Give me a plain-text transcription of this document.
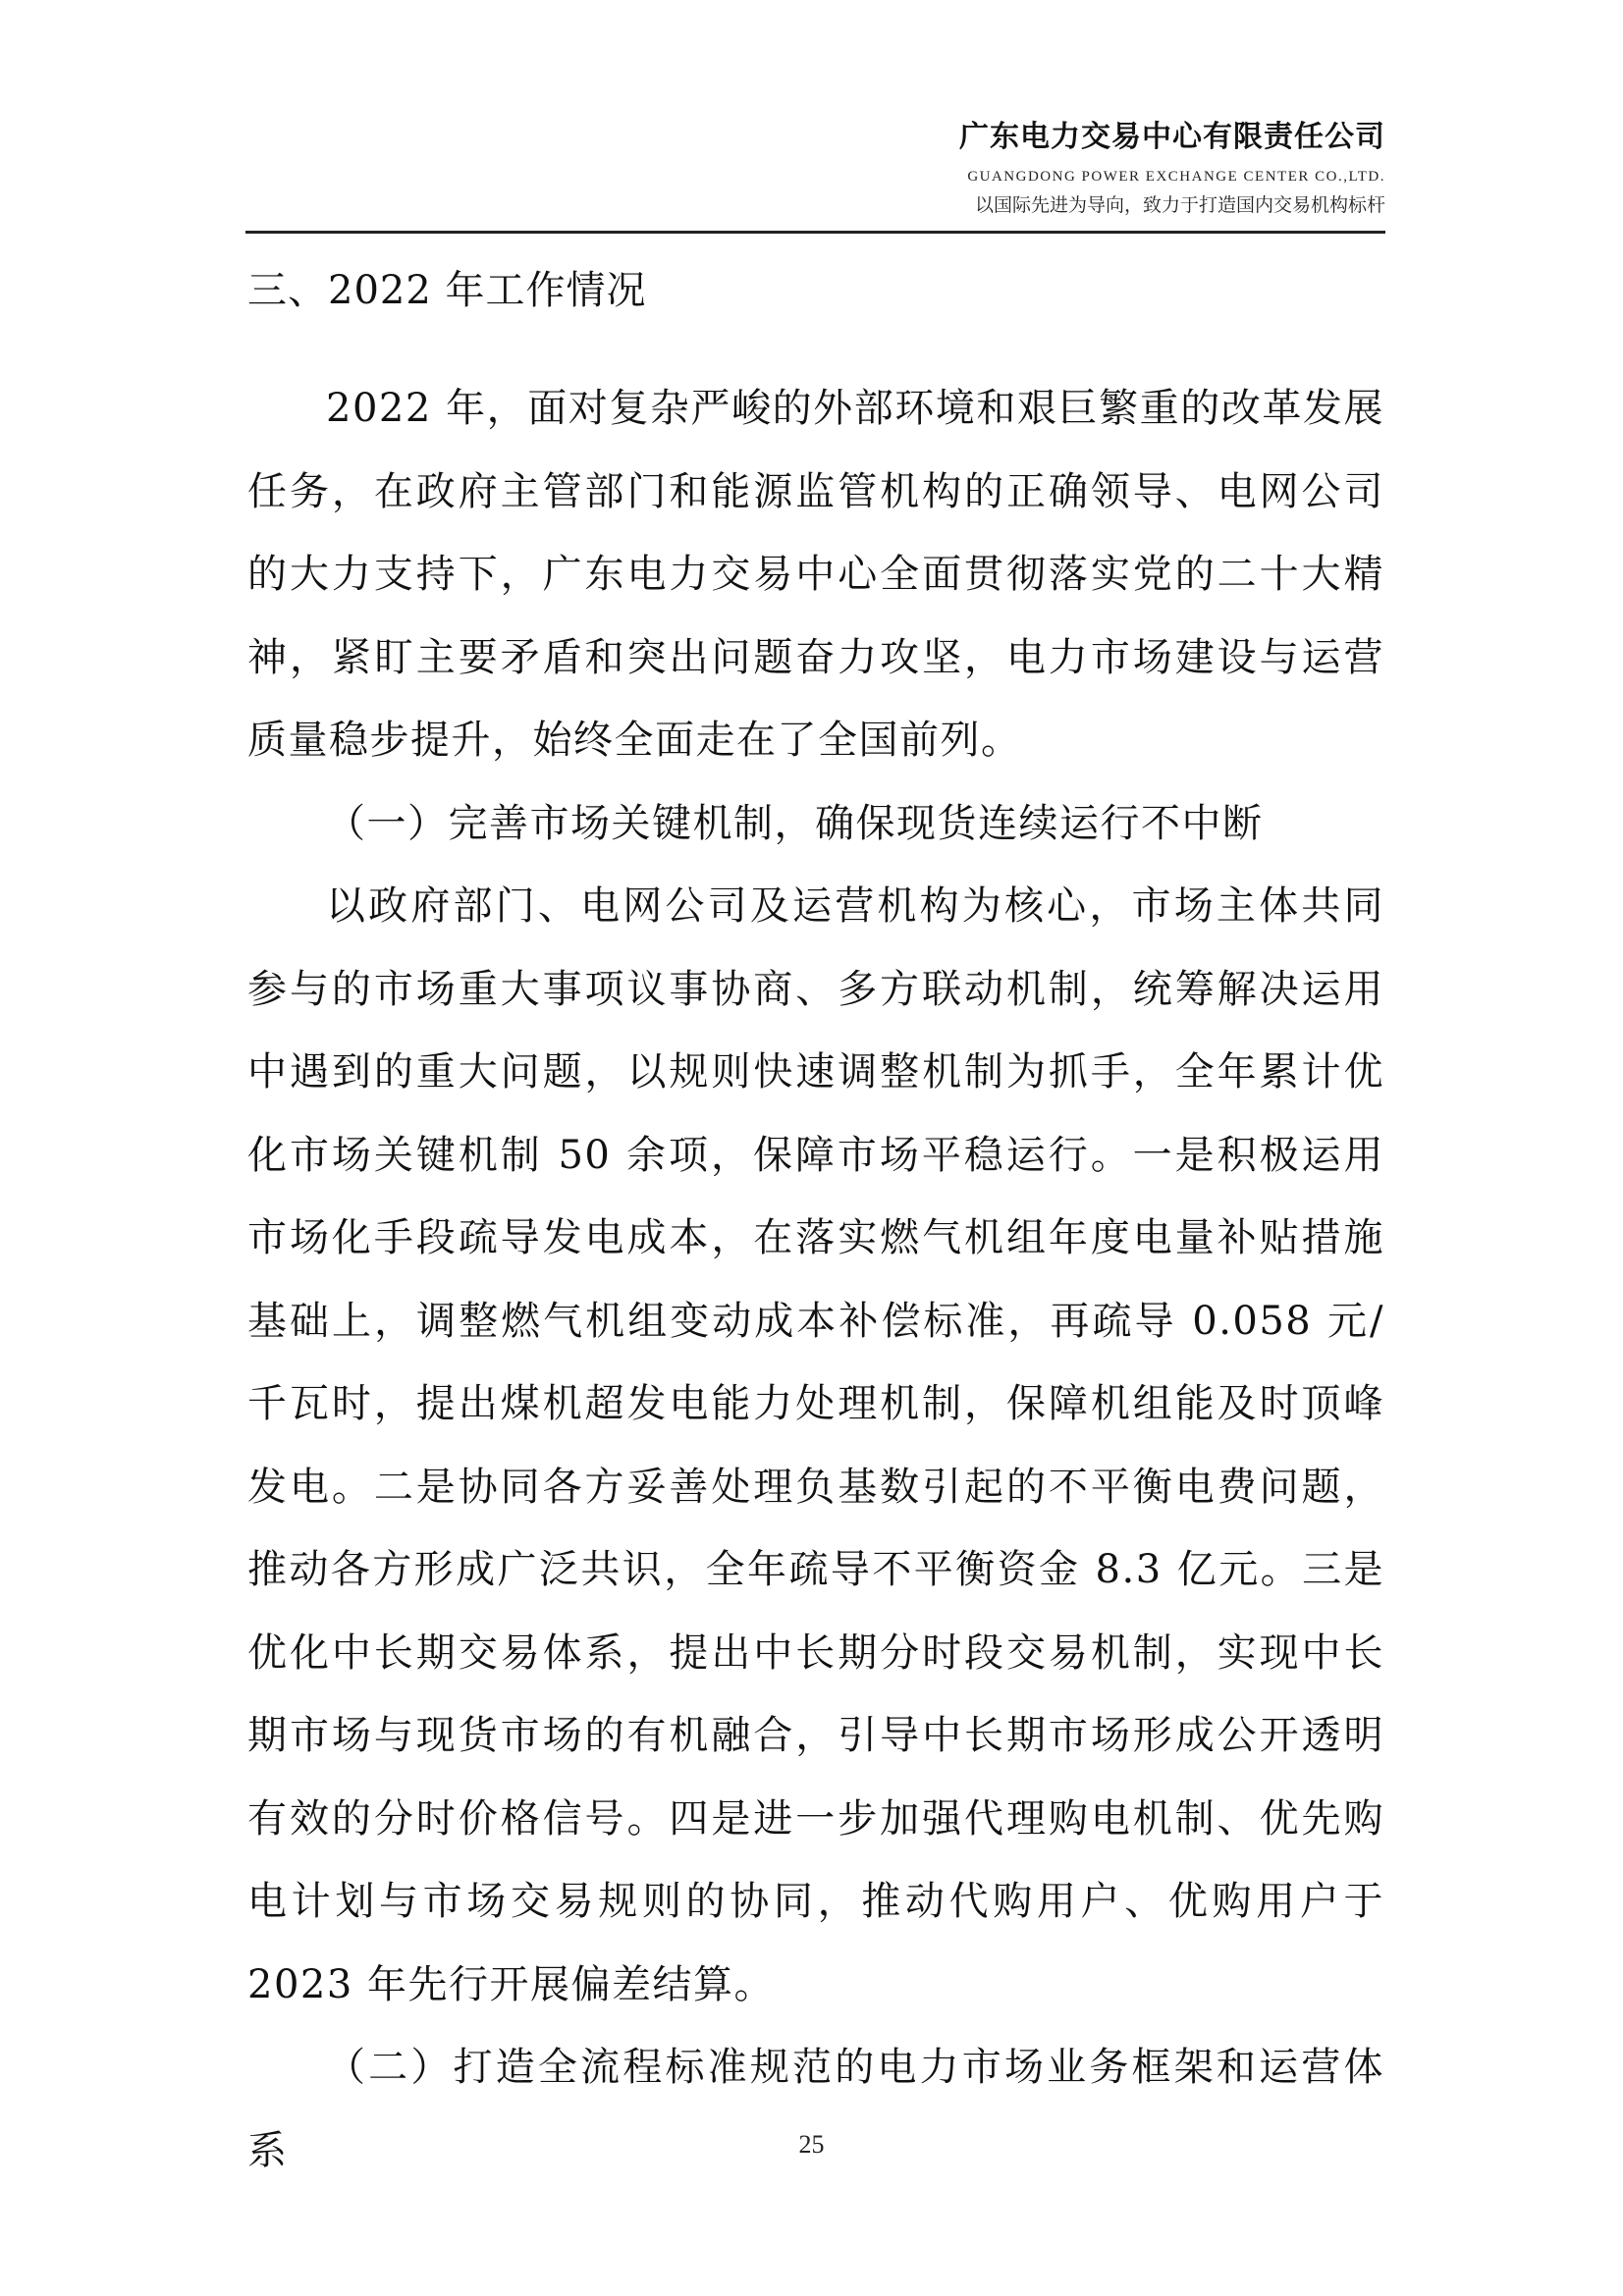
广东电力交易中心有限责任公司
GUANGDONG POWER EXCHANGE CENTER CO.,LTD.
以国际先进为导向，致力于打造国内交易机构标杆
三、2022 年工作情况

2022 年，面对复杂严峻的外部环境和艰巨繁重的改革发展任务，在政府主管部门和能源监管机构的正确领导、电网公司的大力支持下，广东电力交易中心全面贯彻落实党的二十大精神，紧盯主要矛盾和突出问题奋力攻坚，电力市场建设与运营质量稳步提升，始终全面走在了全国前列。

（一）完善市场关键机制，确保现货连续运行不中断

以政府部门、电网公司及运营机构为核心，市场主体共同参与的市场重大事项议事协商、多方联动机制，统筹解决运用中遇到的重大问题，以规则快速调整机制为抓手，全年累计优化市场关键机制 50 余项，保障市场平稳运行。一是积极运用市场化手段疏导发电成本，在落实燃气机组年度电量补贴措施基础上，调整燃气机组变动成本补偿标准，再疏导 0.058 元/千瓦时，提出煤机超发电能力处理机制，保障机组能及时顶峰发电。二是协同各方妥善处理负基数引起的不平衡电费问题，推动各方形成广泛共识，全年疏导不平衡资金 8.3 亿元。三是优化中长期交易体系，提出中长期分时段交易机制，实现中长期市场与现货市场的有机融合，引导中长期市场形成公开透明有效的分时价格信号。四是进一步加强代理购电机制、优先购电计划与市场交易规则的协同，推动代购用户、优购用户于 2023 年先行开展偏差结算。

（二）打造全流程标准规范的电力市场业务框架和运营体系	25
